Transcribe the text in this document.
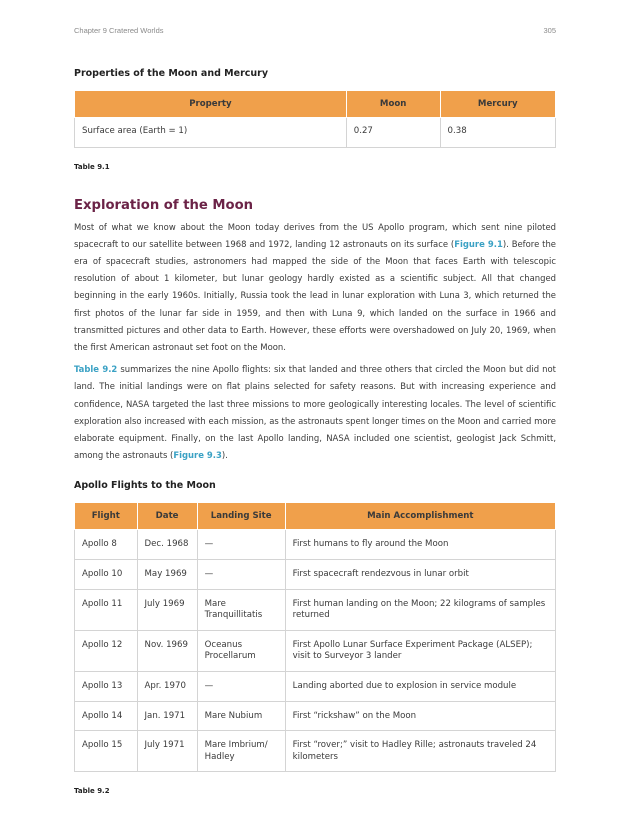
Chapter 9 Cratered Worlds	305
Properties of the Moon and Mercury
Property	Moon	Mercury
Surface area (Earth = 1)	0.27	0.38
Table 9.1
Exploration of the Moon

Most of what we know about the Moon today derives from the US Apollo program, which sent nine piloted spacecraft to our satellite between 1968 and 1972, landing 12 astronauts on its surface (Figure 9.1). Before the era of spacecraft studies, astronomers had mapped the side of the Moon that faces Earth with telescopic resolution of about 1 kilometer, but lunar geology hardly existed as a scientific subject. All that changed beginning in the early 1960s. Initially, Russia took the lead in lunar exploration with Luna 3, which returned the first photos of the lunar far side in 1959, and then with Luna 9, which landed on the surface in 1966 and transmitted pictures and other data to Earth. However, these efforts were overshadowed on July 20, 1969, when the first American astronaut set foot on the Moon.

Table 9.2 summarizes the nine Apollo flights: six that landed and three others that circled the Moon but did not land. The initial landings were on flat plains selected for safety reasons. But with increasing experience and confidence, NASA targeted the last three missions to more geologically interesting locales. The level of scientific exploration also increased with each mission, as the astronauts spent longer times on the Moon and carried more elaborate equipment. Finally, on the last Apollo landing, NASA included one scientist, geologist Jack Schmitt, among the astronauts (Figure 9.3).

Apollo Flights to the Moon
Flight	Date	Landing Site	Main Accomplishment
Apollo 8	Dec. 1968	—	First humans to fly around the Moon
Apollo 10	May 1969	—	First spacecraft rendezvous in lunar orbit
Apollo 11	July 1969	Mare Tranquillitatis	First human landing on the Moon; 22 kilograms of samples returned
Apollo 12	Nov. 1969	Oceanus Procellarum	First Apollo Lunar Surface Experiment Package (ALSEP); visit to Surveyor 3 lander
Apollo 13	Apr. 1970	—	Landing aborted due to explosion in service module
Apollo 14	Jan. 1971	Mare Nubium	First “rickshaw” on the Moon
Apollo 15	July 1971	Mare Imbrium/ Hadley	First “rover;” visit to Hadley Rille; astronauts traveled 24 kilometers
Table 9.2
